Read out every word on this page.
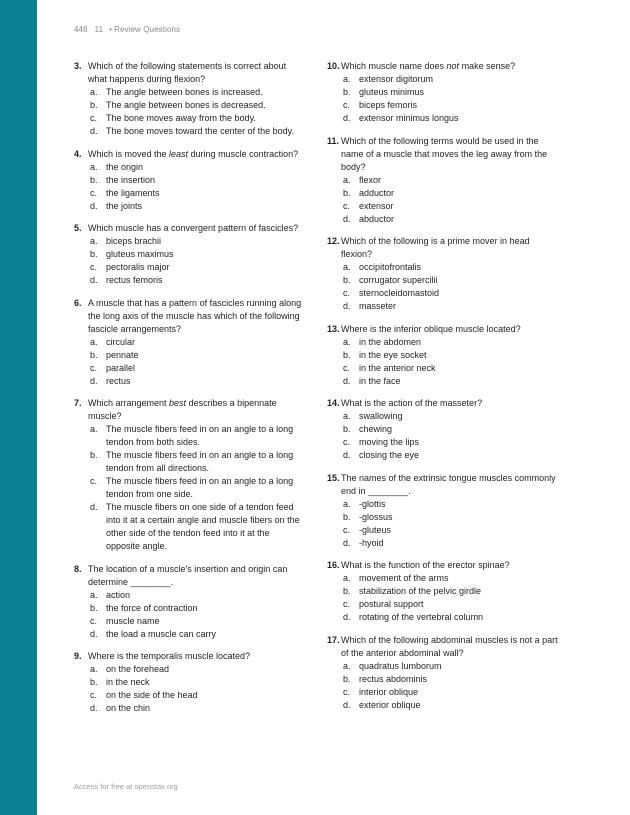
448 11 • Review Questions
3. Which of the following statements is correct about what happens during flexion?
a. The angle between bones is increased.
b. The angle between bones is decreased.
c. The bone moves away from the body.
d. The bone moves toward the center of the body.
4. Which is moved the least during muscle contraction?
a. the origin
b. the insertion
c. the ligaments
d. the joints
5. Which muscle has a convergent pattern of fascicles?
a. biceps brachii
b. gluteus maximus
c. pectoralis major
d. rectus femoris
6. A muscle that has a pattern of fascicles running along the long axis of the muscle has which of the following fascicle arrangements?
a. circular
b. pennate
c. parallel
d. rectus
7. Which arrangement best describes a bipennate muscle?
a. The muscle fibers feed in on an angle to a long tendon from both sides.
b. The muscle fibers feed in on an angle to a long tendon from all directions.
c. The muscle fibers feed in on an angle to a long tendon from one side.
d. The muscle fibers on one side of a tendon feed into it at a certain angle and muscle fibers on the other side of the tendon feed into it at the opposite angle.
8. The location of a muscle's insertion and origin can determine ________.
a. action
b. the force of contraction
c. muscle name
d. the load a muscle can carry
9. Where is the temporalis muscle located?
a. on the forehead
b. in the neck
c. on the side of the head
d. on the chin
10. Which muscle name does not make sense?
a. extensor digitorum
b. gluteus minimus
c. biceps femoris
d. extensor minimus longus
11. Which of the following terms would be used in the name of a muscle that moves the leg away from the body?
a. flexor
b. adductor
c. extensor
d. abductor
12. Which of the following is a prime mover in head flexion?
a. occipitofrontalis
b. corrugator supercilii
c. sternocleidomastoid
d. masseter
13. Where is the inferior oblique muscle located?
a. in the abdomen
b. in the eye socket
c. in the anterior neck
d. in the face
14. What is the action of the masseter?
a. swallowing
b. chewing
c. moving the lips
d. closing the eye
15. The names of the extrinsic tongue muscles commonly end in ________.
a. -glottis
b. -glossus
c. -gluteus
d. -hyoid
16. What is the function of the erector spinae?
a. movement of the arms
b. stabilization of the pelvic girdle
c. postural support
d. rotating of the vertebral column
17. Which of the following abdominal muscles is not a part of the anterior abdominal wall?
a. quadratus lumborum
b. rectus abdominis
c. interior oblique
d. exterior oblique
Access for free at openstax.org
